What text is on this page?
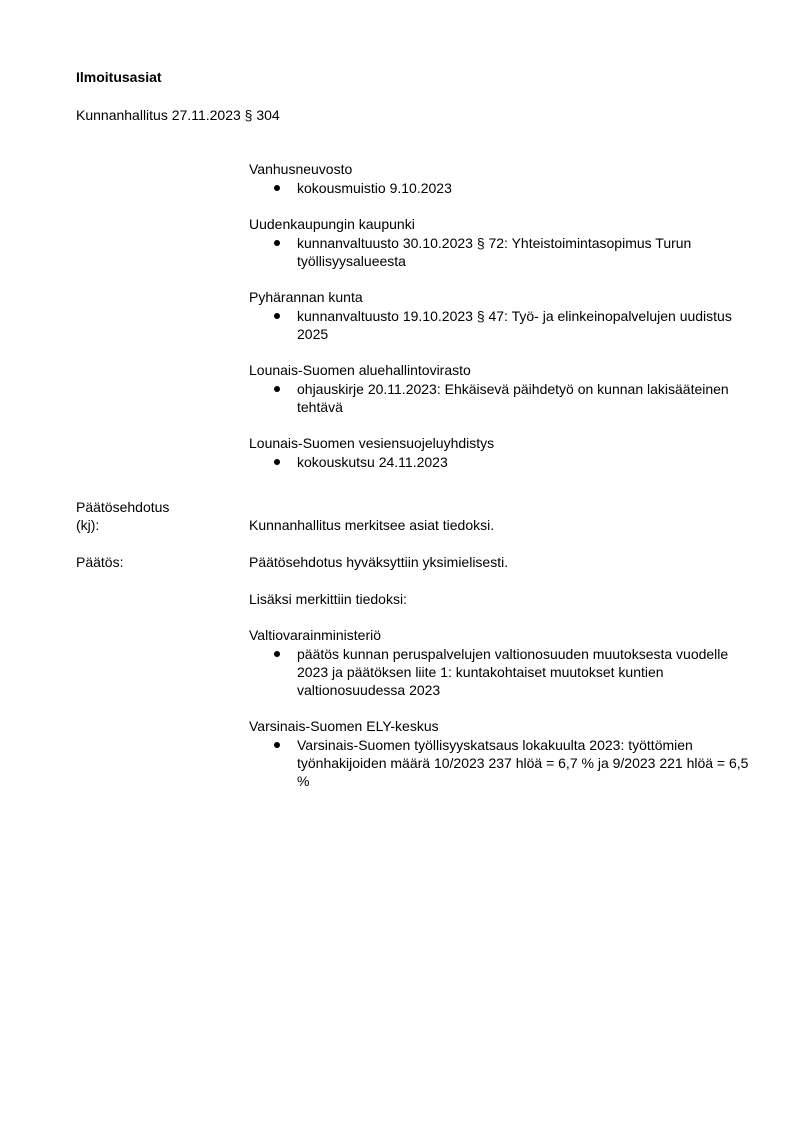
Ilmoitusasiat
Kunnanhallitus 27.11.2023 § 304
Vanhusneuvosto
kokousmuistio 9.10.2023
Uudenkaupungin kaupunki
kunnanvaltuusto 30.10.2023 § 72: Yhteistoimintasopimus Turun työllisyysalueesta
Pyhärannan kunta
kunnanvaltuusto 19.10.2023 § 47: Työ- ja elinkeinopalvelujen uudistus 2025
Lounais-Suomen aluehallintovirasto
ohjauskirje 20.11.2023: Ehkäisevä päihdetyö on kunnan lakisääteinen tehtävä
Lounais-Suomen vesiensuojeluyhdistys
kokouskutsu 24.11.2023
Päätösehdotus
(kj):	Kunnanhallitus merkitsee asiat tiedoksi.
Päätös:	Päätösehdotus hyväksyttiin yksimielisesti.
Lisäksi merkittiin tiedoksi:
Valtiovarainministeriö
päätös kunnan peruspalvelujen valtionosuuden muutoksesta vuodelle 2023 ja päätöksen liite 1: kuntakohtaiset muutokset kuntien valtionosuudessa 2023
Varsinais-Suomen ELY-keskus
Varsinais-Suomen työllisyyskatsaus lokakuulta 2023: työttömien työnhakijoiden määrä 10/2023 237 hlöä = 6,7 % ja 9/2023 221 hlöä = 6,5 %
